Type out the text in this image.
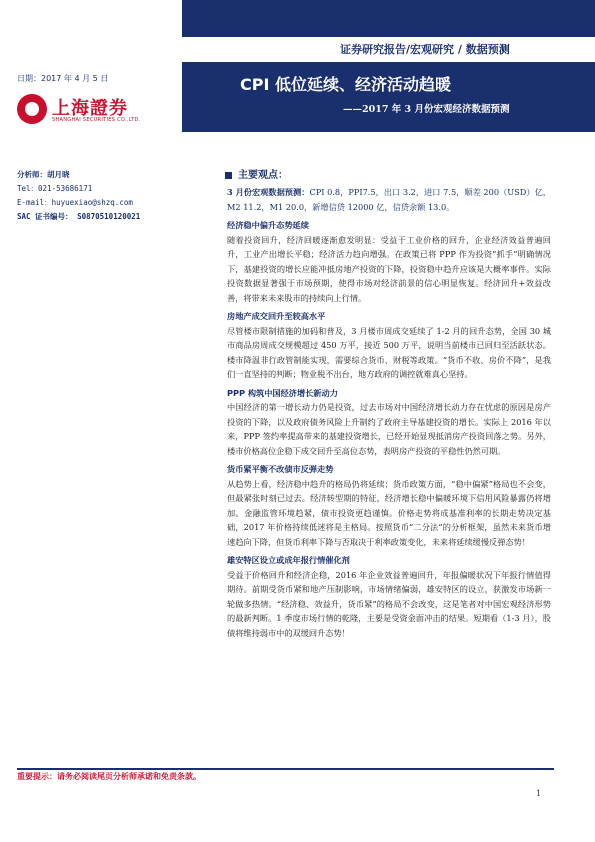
证券研究报告/宏观研究 / 数据预测
日期：2017 年 4 月 5 日
上海證券
SHANGHAI SECURITIES CO.,LTD.
CPI 低位延续、经济活动趋暖
——2017 年 3 月份宏观经济数据预测
分析师：胡月晓
Tel：021-53686171
E-mail：huyuexiao@shzq.com
SAC 证书编号： S0870510120021
主要观点：

3 月份宏观数据预测：CPI 0.8，PPI7.5，出口 3.2，进口 7.5，顺差 200（USD）亿，M2 11.2，M1 20.0，新增信贷 12000 亿，信贷余额 13.0。

经济稳中偏升态势延续

随着投资回升，经济回暖逐渐愈发明显：受益于工业价格的回升，企业经济效益普遍回升，工业产出增长平稳；经济活力趋向增强。在政策已将 PPP 作为投资“抓手”明确情况下，基建投资的增长应能冲抵房地产投资的下降，投资稳中趋升应该是大概率事件。实际投资数据显著强于市场预期，使得市场对经济前景的信心明显恢复。经济回升+效益改善，将带来未来股市的持续向上行情。

房地产成交回升至较高水平

尽管楼市限制措施的加码和普及，3 月楼市周成交延续了 1-2 月的回升态势，全国 30 城市商品房周成交规模超过 450 万平，接近 500 万平，说明当前楼市已回归至活跃状态。楼市降温非行政管制能实现，需要综合货币、财税等政策。“货币不收、房价不降”，是我们一直坚持的判断；物业税不出台，地方政府的调控就难真心坚持。

PPP 构筑中国经济增长新动力

中国经济的第一增长动力仍是投资，过去市场对中国经济增长动力存在忧虑的原因是房产投资的下降，以及政府债务风险上升制约了政府主导基建投资的增长。实际上 2016 年以来，PPP 签约率提高带来的基建投资增长，已经开始显现抵消房产投资回落之势。另外，楼市价格高位企稳下成交回升至高位态势，表明房产投资的平稳性仍然可期。

货币紧平衡不改债市反弹走势

从趋势上看，经济稳中趋升的格局仍将延续；货币政策方面，“稳中偏紧”格局也不会变，但最紧张时刻已过去。经济转型期的特征，经济增长稳中偏暖环境下信用风险暴露仍将增加。金融监管环境趋紧，债市投资更趋谨慎。价格走势将成基准利率的长期走势决定基础，2017 年价格持续低迷将是主格局。按照货币“二分法”的分析框架，虽然未来货币增速趋向下降，但货币利率下降与否取决于利率政策变化，未来将延续缓慢反弹态势！

雄安特区设立或成年报行情催化剂

受益于价格回升和经济企稳，2016 年企业效益普遍回升，年报偏暖状况下年报行情值得期待。前期受货币紧和地产压制影响，市场情绪偏弱，雄安特区的设立，获激发市场新一轮做多热情。“经济稳、效益升，货币紧”的格局不会改变，这是笔者对中国宏观经济形势的最新判断。1 季度市场行情的乾隆，主要是受资金面冲击的结果。短期看（1-3 月），股债将维持弱市中的双缓回升态势！

重要提示：请务必阅读尾页分析师承诺和免责条款。
1
